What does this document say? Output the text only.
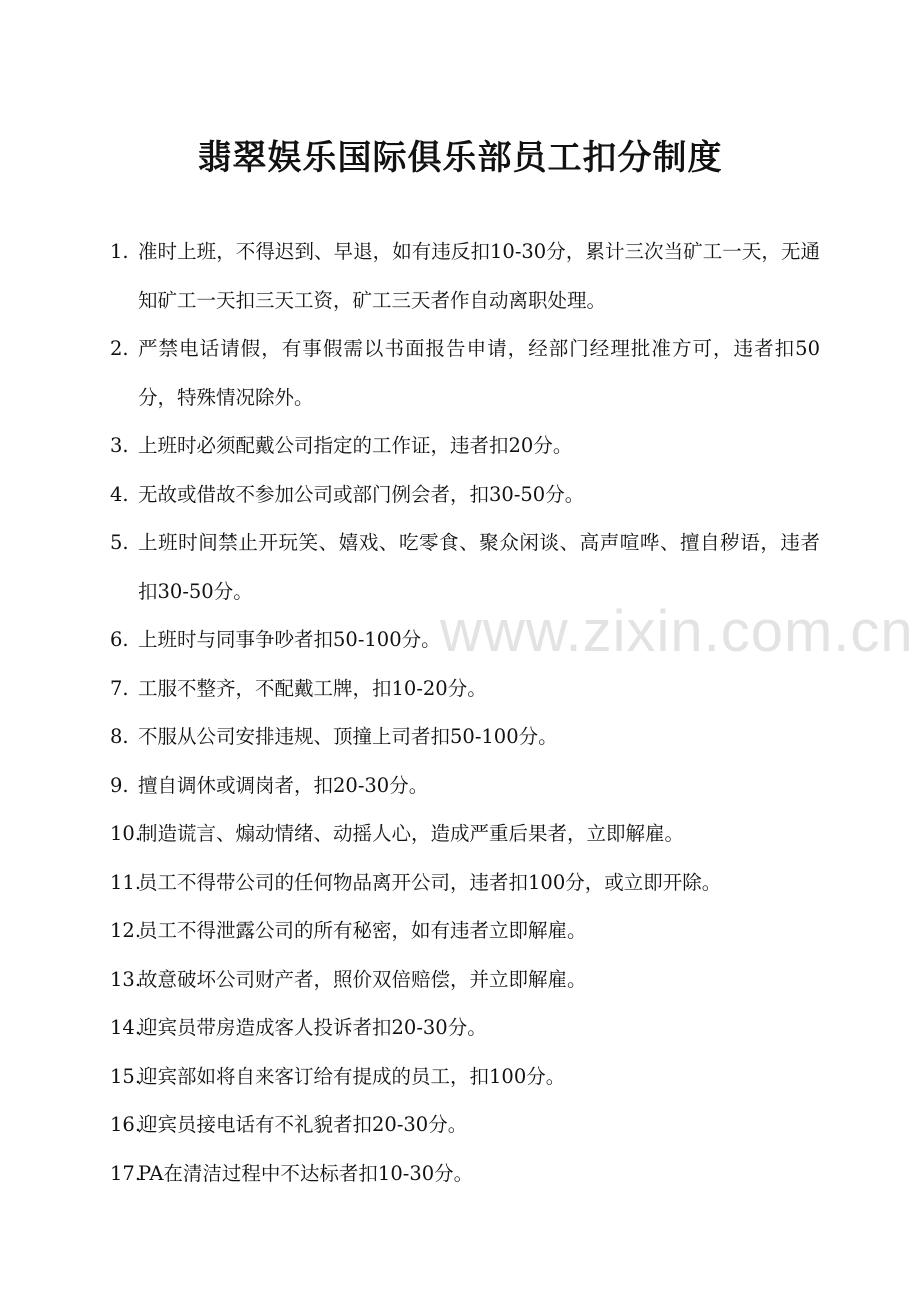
翡翠娱乐国际俱乐部员工扣分制度
1. 准时上班，不得迟到、早退，如有违反扣10-30分，累计三次当矿工一天，无通知矿工一天扣三天工资，矿工三天者作自动离职处理。
2. 严禁电话请假，有事假需以书面报告申请，经部门经理批准方可，违者扣50分，特殊情况除外。
3. 上班时必须配戴公司指定的工作证，违者扣20分。
4. 无故或借故不参加公司或部门例会者，扣30-50分。
5. 上班时间禁止开玩笑、嬉戏、吃零食、聚众闲谈、高声喧哗、擅自秽语，违者扣30-50分。
6. 上班时与同事争吵者扣50-100分。
7. 工服不整齐，不配戴工牌，扣10-20分。
8. 不服从公司安排违规、顶撞上司者扣50-100分。
9. 擅自调休或调岗者，扣20-30分。
10.
制造谎言、煽动情绪、动摇人心，造成严重后果者，立即解雇。
11.
员工不得带公司的任何物品离开公司，违者扣100分，或立即开除。
12.
员工不得泄露公司的所有秘密，如有违者立即解雇。
13.
故意破坏公司财产者，照价双倍赔偿，并立即解雇。
14.
迎宾员带房造成客人投诉者扣20-30分。
15.
迎宾部如将自来客订给有提成的员工，扣100分。
16.
迎宾员接电话有不礼貌者扣20-30分。
17.
PA在清洁过程中不达标者扣10-30分。
www.zixin.com.cn
